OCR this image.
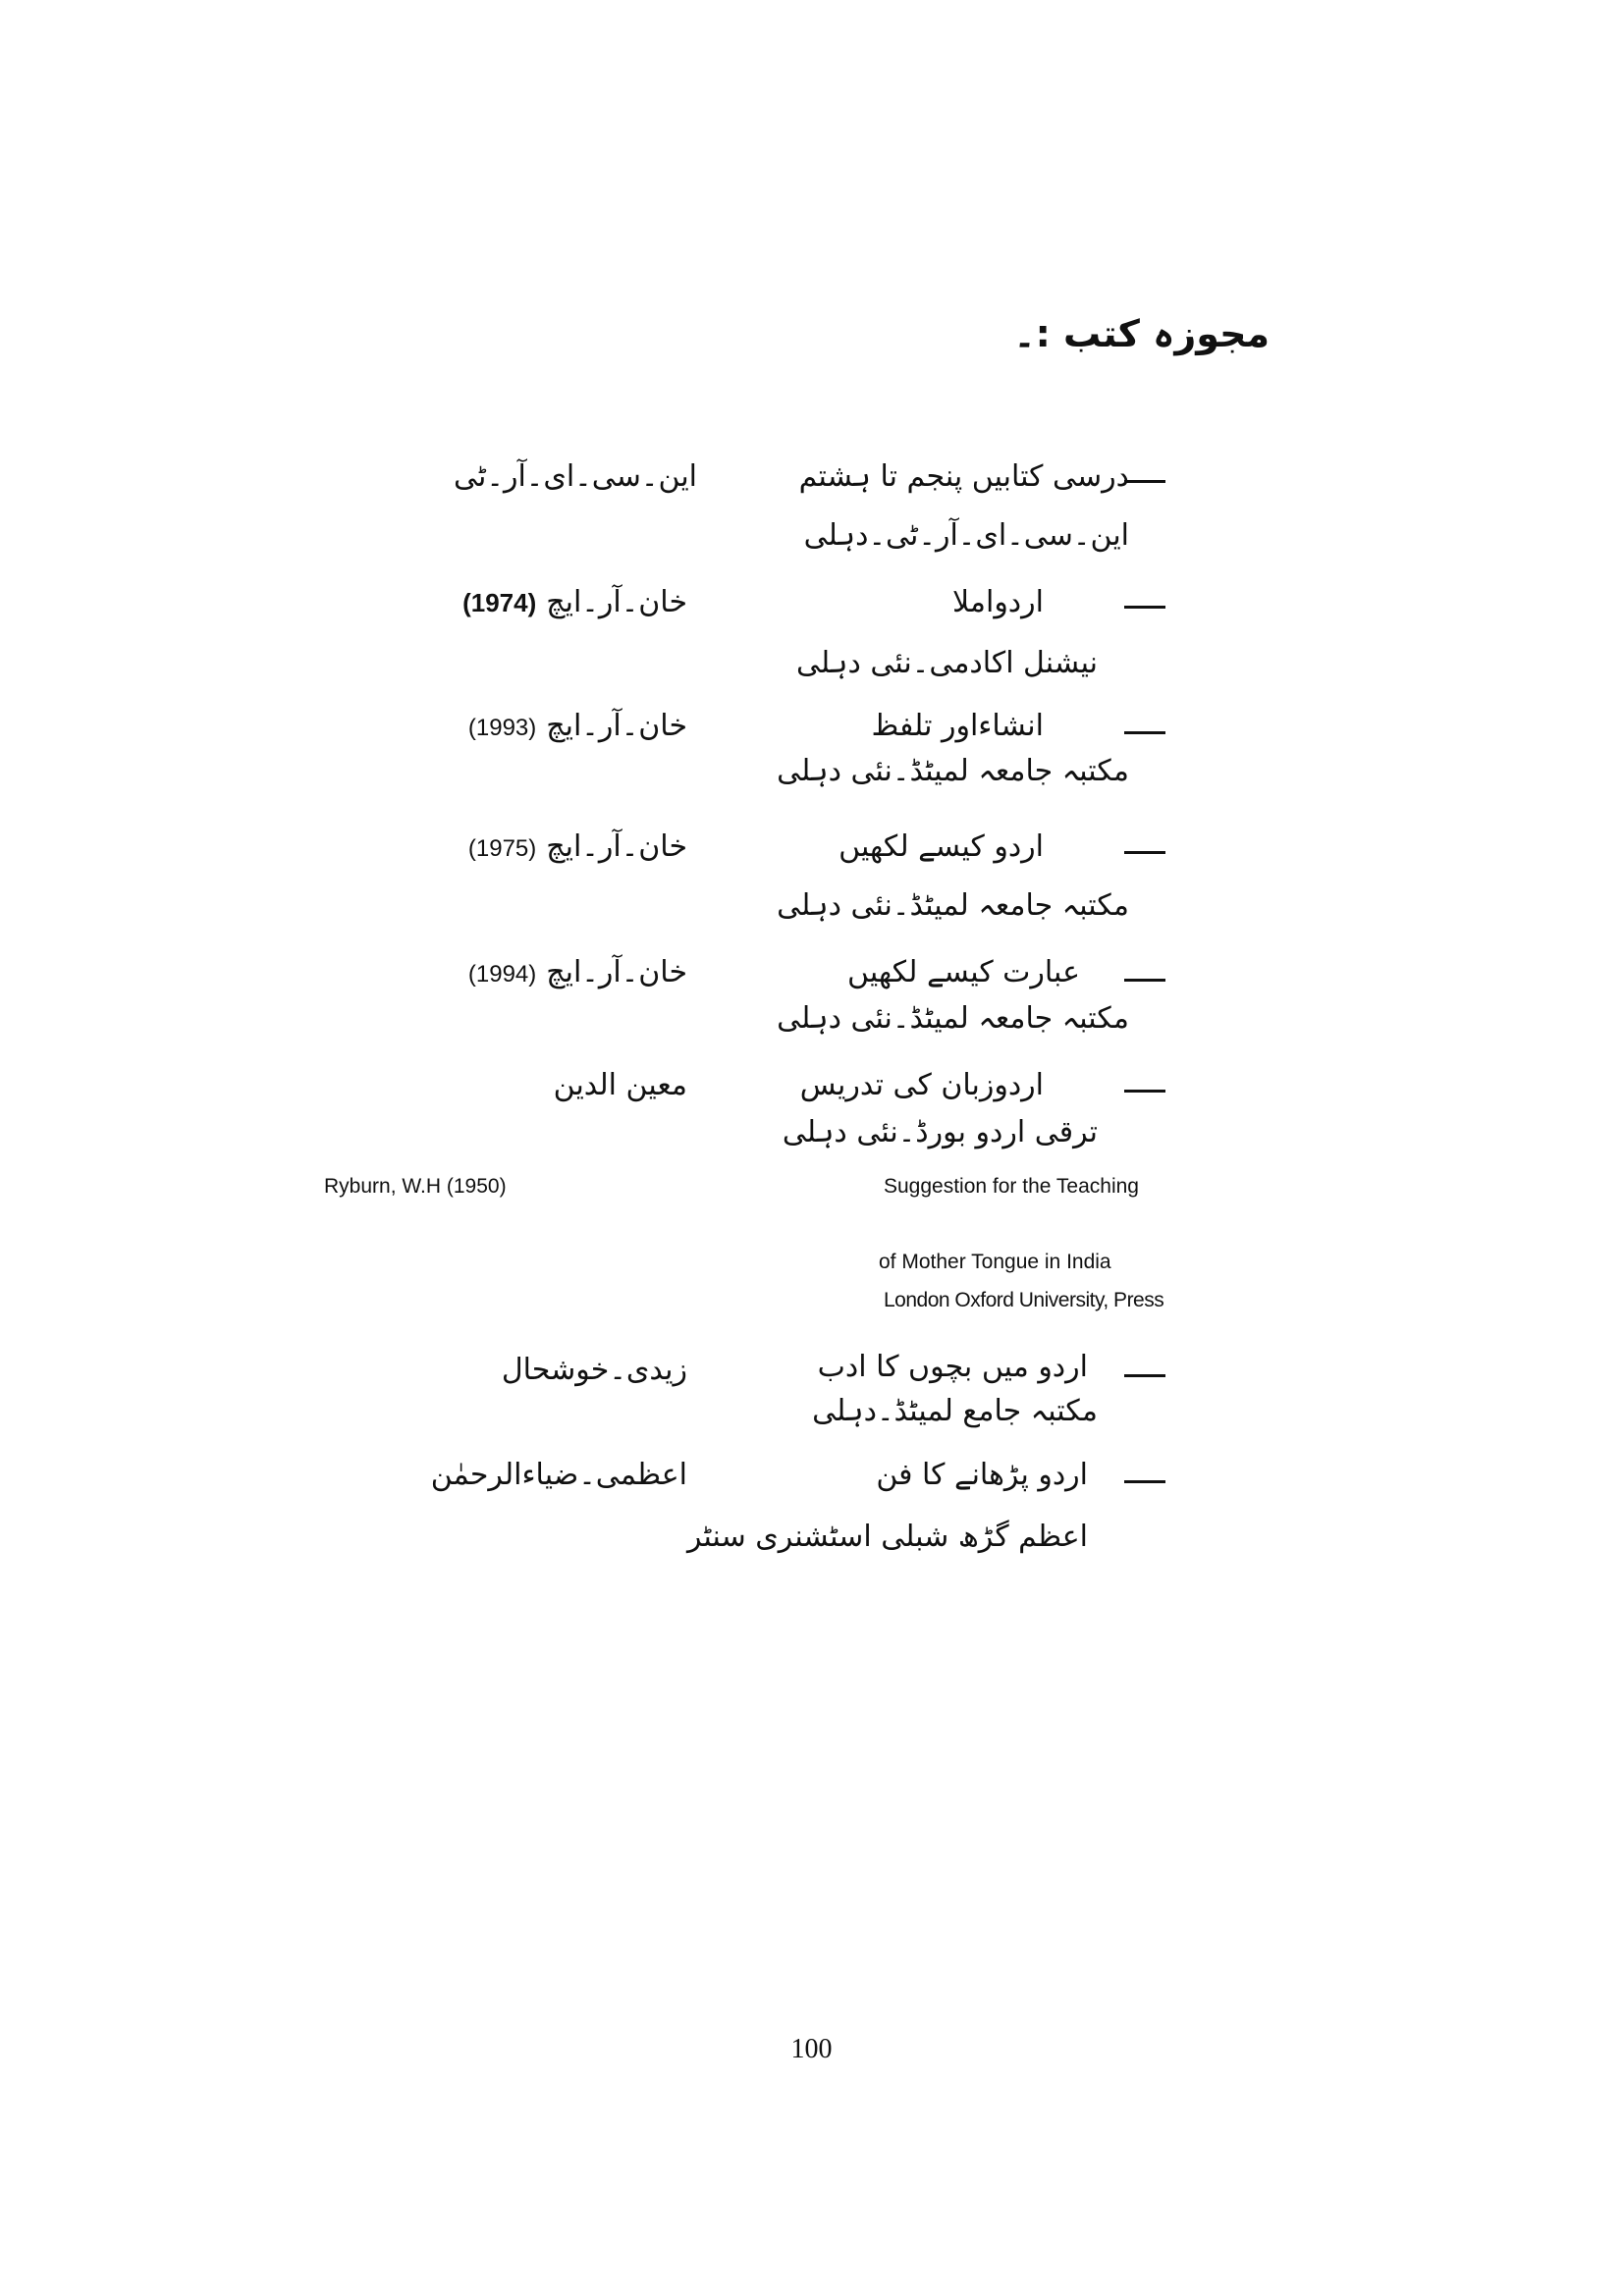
مجوزہ کتب :۔
درسی کتابیں پنجم تا ہشتم
این۔سی۔ای۔آر۔ٹی۔دہلی
این۔سی۔ای۔آر۔ٹی
اردواملا
نیشنل اکادمی۔نئی دہلی
خان۔آر۔ایچ(1974)
انشاءاور تلفظ
مکتبہ جامعہ لمیٹڈ۔نئی دہلی
خان۔آر۔ایچ(1993)
اردو کیسے لکھیں
مکتبہ جامعہ لمیٹڈ۔نئی دہلی
خان۔آر۔ایچ(1975)
عبارت کیسے لکھیں
مکتبہ جامعہ لمیٹڈ۔نئی دہلی
خان۔آر۔ایچ(1994)
اردوزبان کی تدریس
ترقی اردو بورڈ۔نئی دہلی
معین الدین
Ryburn, W.H (1950)	Suggestion for the Teaching
of Mother Tongue in India
London Oxford University, Press
اردو میں بچوں کا ادب
مکتبہ جامع لمیٹڈ۔دہلی
زیدی۔خوشحال
اردو پڑھانے کا فن
اعظم گڑھ شبلی اسٹشنری سنٹر
اعظمی۔ضیاءالرحمٰن
100
